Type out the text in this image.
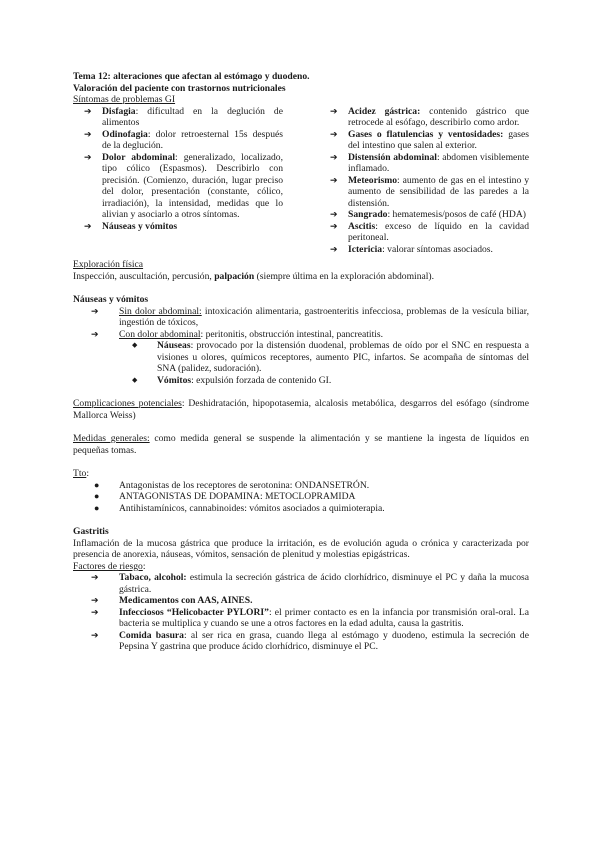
Tema 12: alteraciones que afectan al estómago y duodeno.
Valoración del paciente con trastornos nutricionales
Síntomas de problemas GI
➔ Disfagia: dificultad en la deglución de alimentos
➔ Odinofagia: dolor retroesternal 15s después de la deglución.
➔ Dolor abdominal: generalizado, localizado, tipo cólico (Espasmos). Describirlo con precisión. (Comienzo, duración, lugar preciso del dolor, presentación (constante, cólico, irradiación), la intensidad, medidas que lo alivian y asociarlo a otros síntomas.
➔ Náuseas y vómitos
➔ Acidez gástrica: contenido gástrico que retrocede al esófago, describirlo como ardor.
➔ Gases o flatulencias y ventosidades: gases del intestino que salen al exterior.
➔ Distensión abdominal: abdomen visiblemente inflamado.
➔ Meteorismo: aumento de gas en el intestino y aumento de sensibilidad de las paredes a la distensión.
➔ Sangrado: hematemesis/posos de café (HDA)
➔ Ascitis: exceso de líquido en la cavidad peritoneal.
➔ Ictericia: valorar síntomas asociados.
Exploración física
Inspección, auscultación, percusión, palpación (siempre última en la exploración abdominal).
Náuseas y vómitos
➔ Sin dolor abdominal: intoxicación alimentaria, gastroenteritis infecciosa, problemas de la vesícula biliar, ingestión de tóxicos,
➔ Con dolor abdominal: peritonitis, obstrucción intestinal, pancreatitis.
◆ Náuseas: provocado por la distensión duodenal, problemas de oído por el SNC en respuesta a visiones u olores, químicos receptores, aumento PIC, infartos. Se acompaña de síntomas del SNA (palidez, sudoración).
◆ Vómitos: expulsión forzada de contenido GI.
Complicaciones potenciales: Deshidratación, hipopotasemia, alcalosis metabólica, desgarros del esófago (síndrome Mallorca Weiss)
Medidas generales: como medida general se suspende la alimentación y se mantiene la ingesta de líquidos en pequeñas tomas.
Tto:
● Antagonistas de los receptores de serotonina: ONDANSETRÓN.
● ANTAGONISTAS DE DOPAMINA: METOCLOPRAMIDA
● Antihistamínicos, cannabinoides: vómitos asociados a quimioterapia.
Gastritis
Inflamación de la mucosa gástrica que produce la irritación, es de evolución aguda o crónica y caracterizada por presencia de anorexia, náuseas, vómitos, sensación de plenitud y molestias epigástricas.
Factores de riesgo:
➔ Tabaco, alcohol: estimula la secreción gástrica de ácido clorhídrico, disminuye el PC y daña la mucosa gástrica.
➔ Medicamentos con AAS, AINES.
➔ Infecciosos “Helicobacter PYLORI”: el primer contacto es en la infancia por transmisión oral-oral. La bacteria se multiplica y cuando se une a otros factores en la edad adulta, causa la gastritis.
➔ Comida basura: al ser rica en grasa, cuando llega al estómago y duodeno, estimula la secreción de Pepsina Y gastrina que produce ácido clorhídrico, disminuye el PC.
